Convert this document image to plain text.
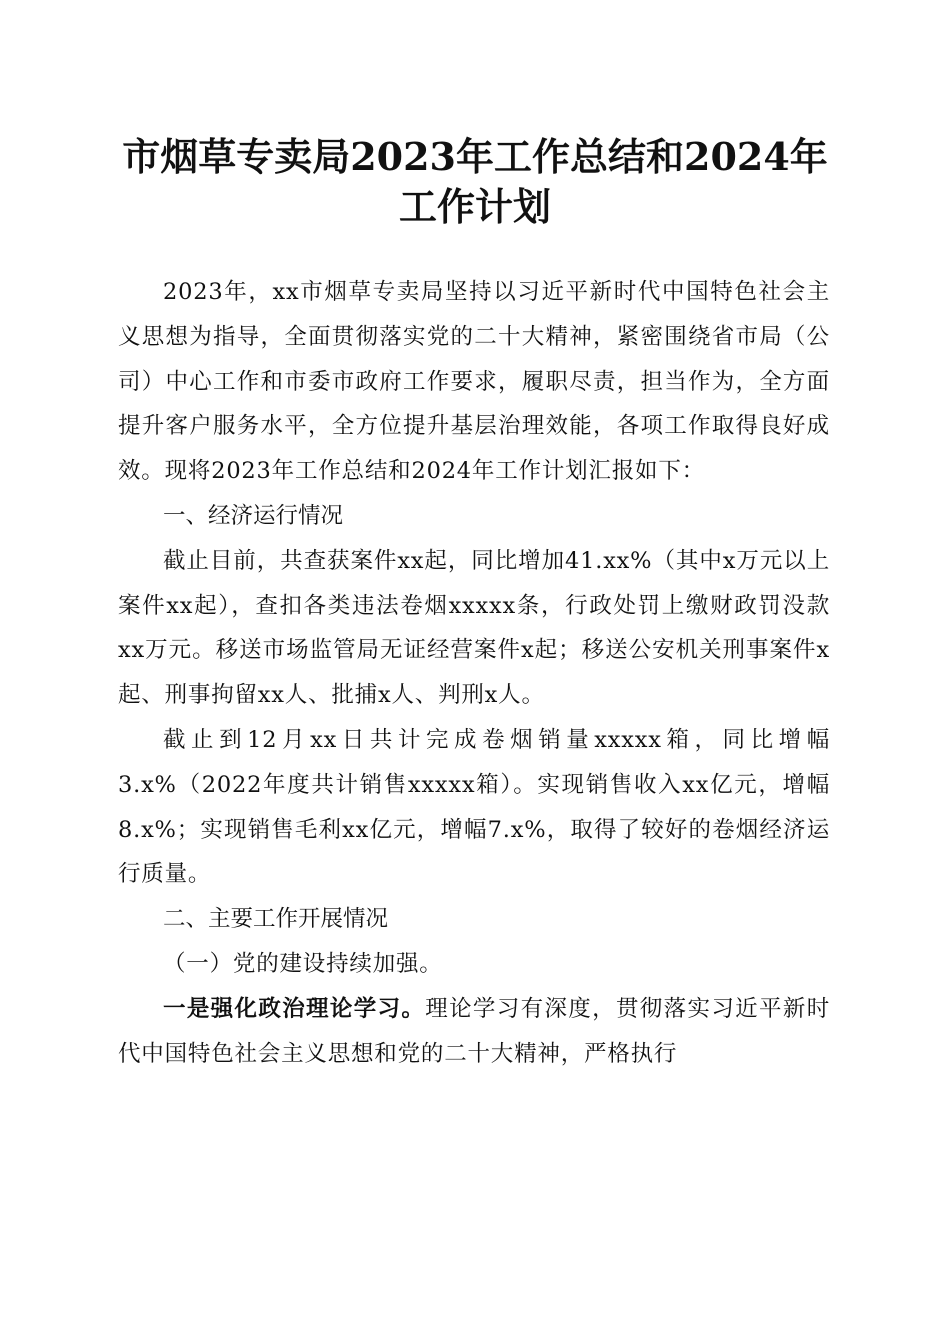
市烟草专卖局2023年工作总结和2024年工作计划

2023年，xx市烟草专卖局坚持以习近平新时代中国特色社会主义思想为指导，全面贯彻落实党的二十大精神，紧密围绕省市局（公司）中心工作和市委市政府工作要求，履职尽责，担当作为，全方面提升客户服务水平，全方位提升基层治理效能，各项工作取得良好成效。现将2023年工作总结和2024年工作计划汇报如下：

一、经济运行情况

截止目前，共查获案件xx起，同比增加41.xx%（其中x万元以上案件xx起），查扣各类违法卷烟xxxxx条，行政处罚上缴财政罚没款xx万元。移送市场监管局无证经营案件x起；移送公安机关刑事案件x起、刑事拘留xx人、批捕x人、判刑x人。

截止到12月xx日共计完成卷烟销量xxxxx箱，同比增幅3.x%（2022年度共计销售xxxxx箱）。实现销售收入xx亿元，增幅8.x%；实现销售毛利xx亿元，增幅7.x%，取得了较好的卷烟经济运行质量。

二、主要工作开展情况

（一）党的建设持续加强。

一是强化政治理论学习。理论学习有深度，贯彻落实习近平新时代中国特色社会主义思想和党的二十大精神，严格执行
